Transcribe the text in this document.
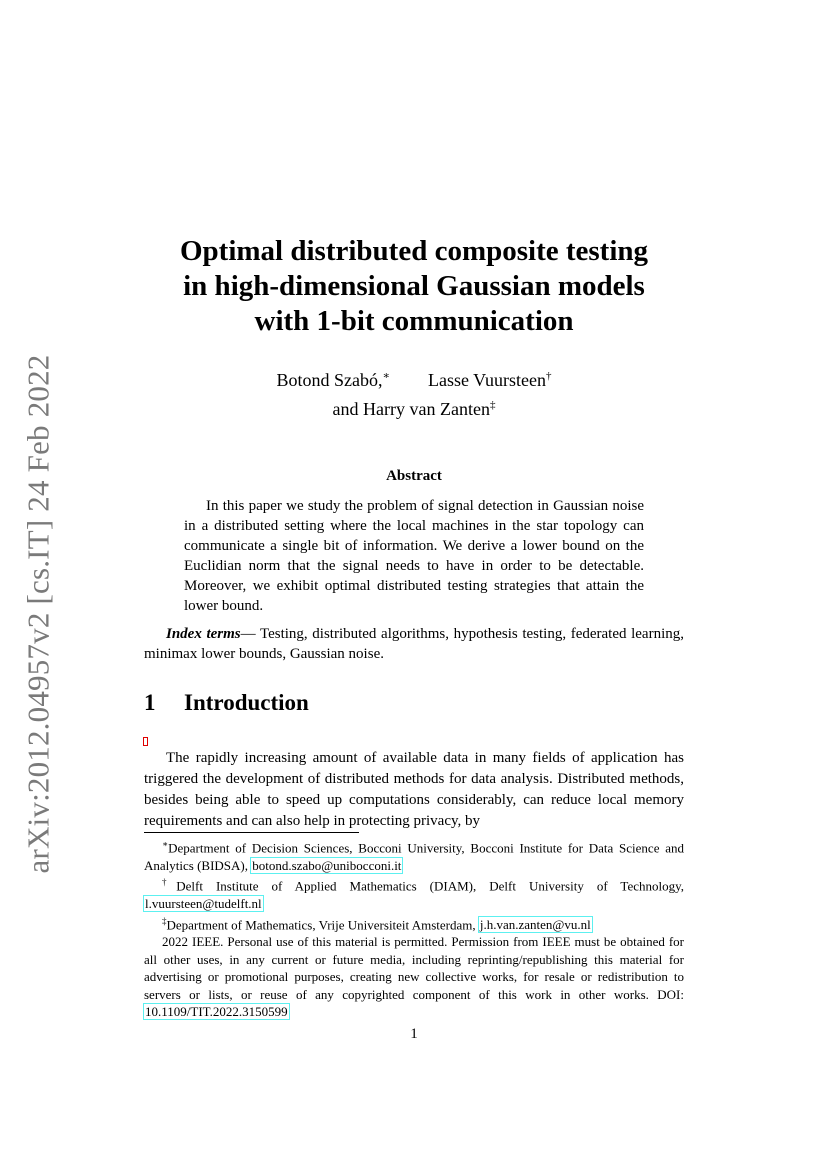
arXiv:2012.04957v2 [cs.IT] 24 Feb 2022
Optimal distributed composite testing
in high-dimensional Gaussian models
with 1-bit communication
Botond Szabó,∗ Lasse Vuursteen†
and Harry van Zanten‡
Abstract

In this paper we study the problem of signal detection in Gaussian noise in a distributed setting where the local machines in the star topology can communicate a single bit of information. We derive a lower bound on the Euclidian norm that the signal needs to have in order to be detectable. Moreover, we exhibit optimal distributed testing strategies that attain the lower bound.

Index terms— Testing, distributed algorithms, hypothesis testing, federated learning, minimax lower bounds, Gaussian noise.

1 Introduction

The rapidly increasing amount of available data in many fields of application has triggered the development of distributed methods for data analysis. Distributed methods, besides being able to speed up computations considerably, can reduce local memory requirements and can also help in protecting privacy, by

∗Department of Decision Sciences, Bocconi University, Bocconi Institute for Data Science and Analytics (BIDSA), botond.szabo@unibocconi.it

†Delft Institute of Applied Mathematics (DIAM), Delft University of Technology, l.vuursteen@tudelft.nl

‡Department of Mathematics, Vrije Universiteit Amsterdam, j.h.van.zanten@vu.nl

2022 IEEE. Personal use of this material is permitted. Permission from IEEE must be obtained for all other uses, in any current or future media, including reprinting/republishing this material for advertising or promotional purposes, creating new collective works, for resale or redistribution to servers or lists, or reuse of any copyrighted component of this work in other works. DOI: 10.1109/TIT.2022.3150599

1
